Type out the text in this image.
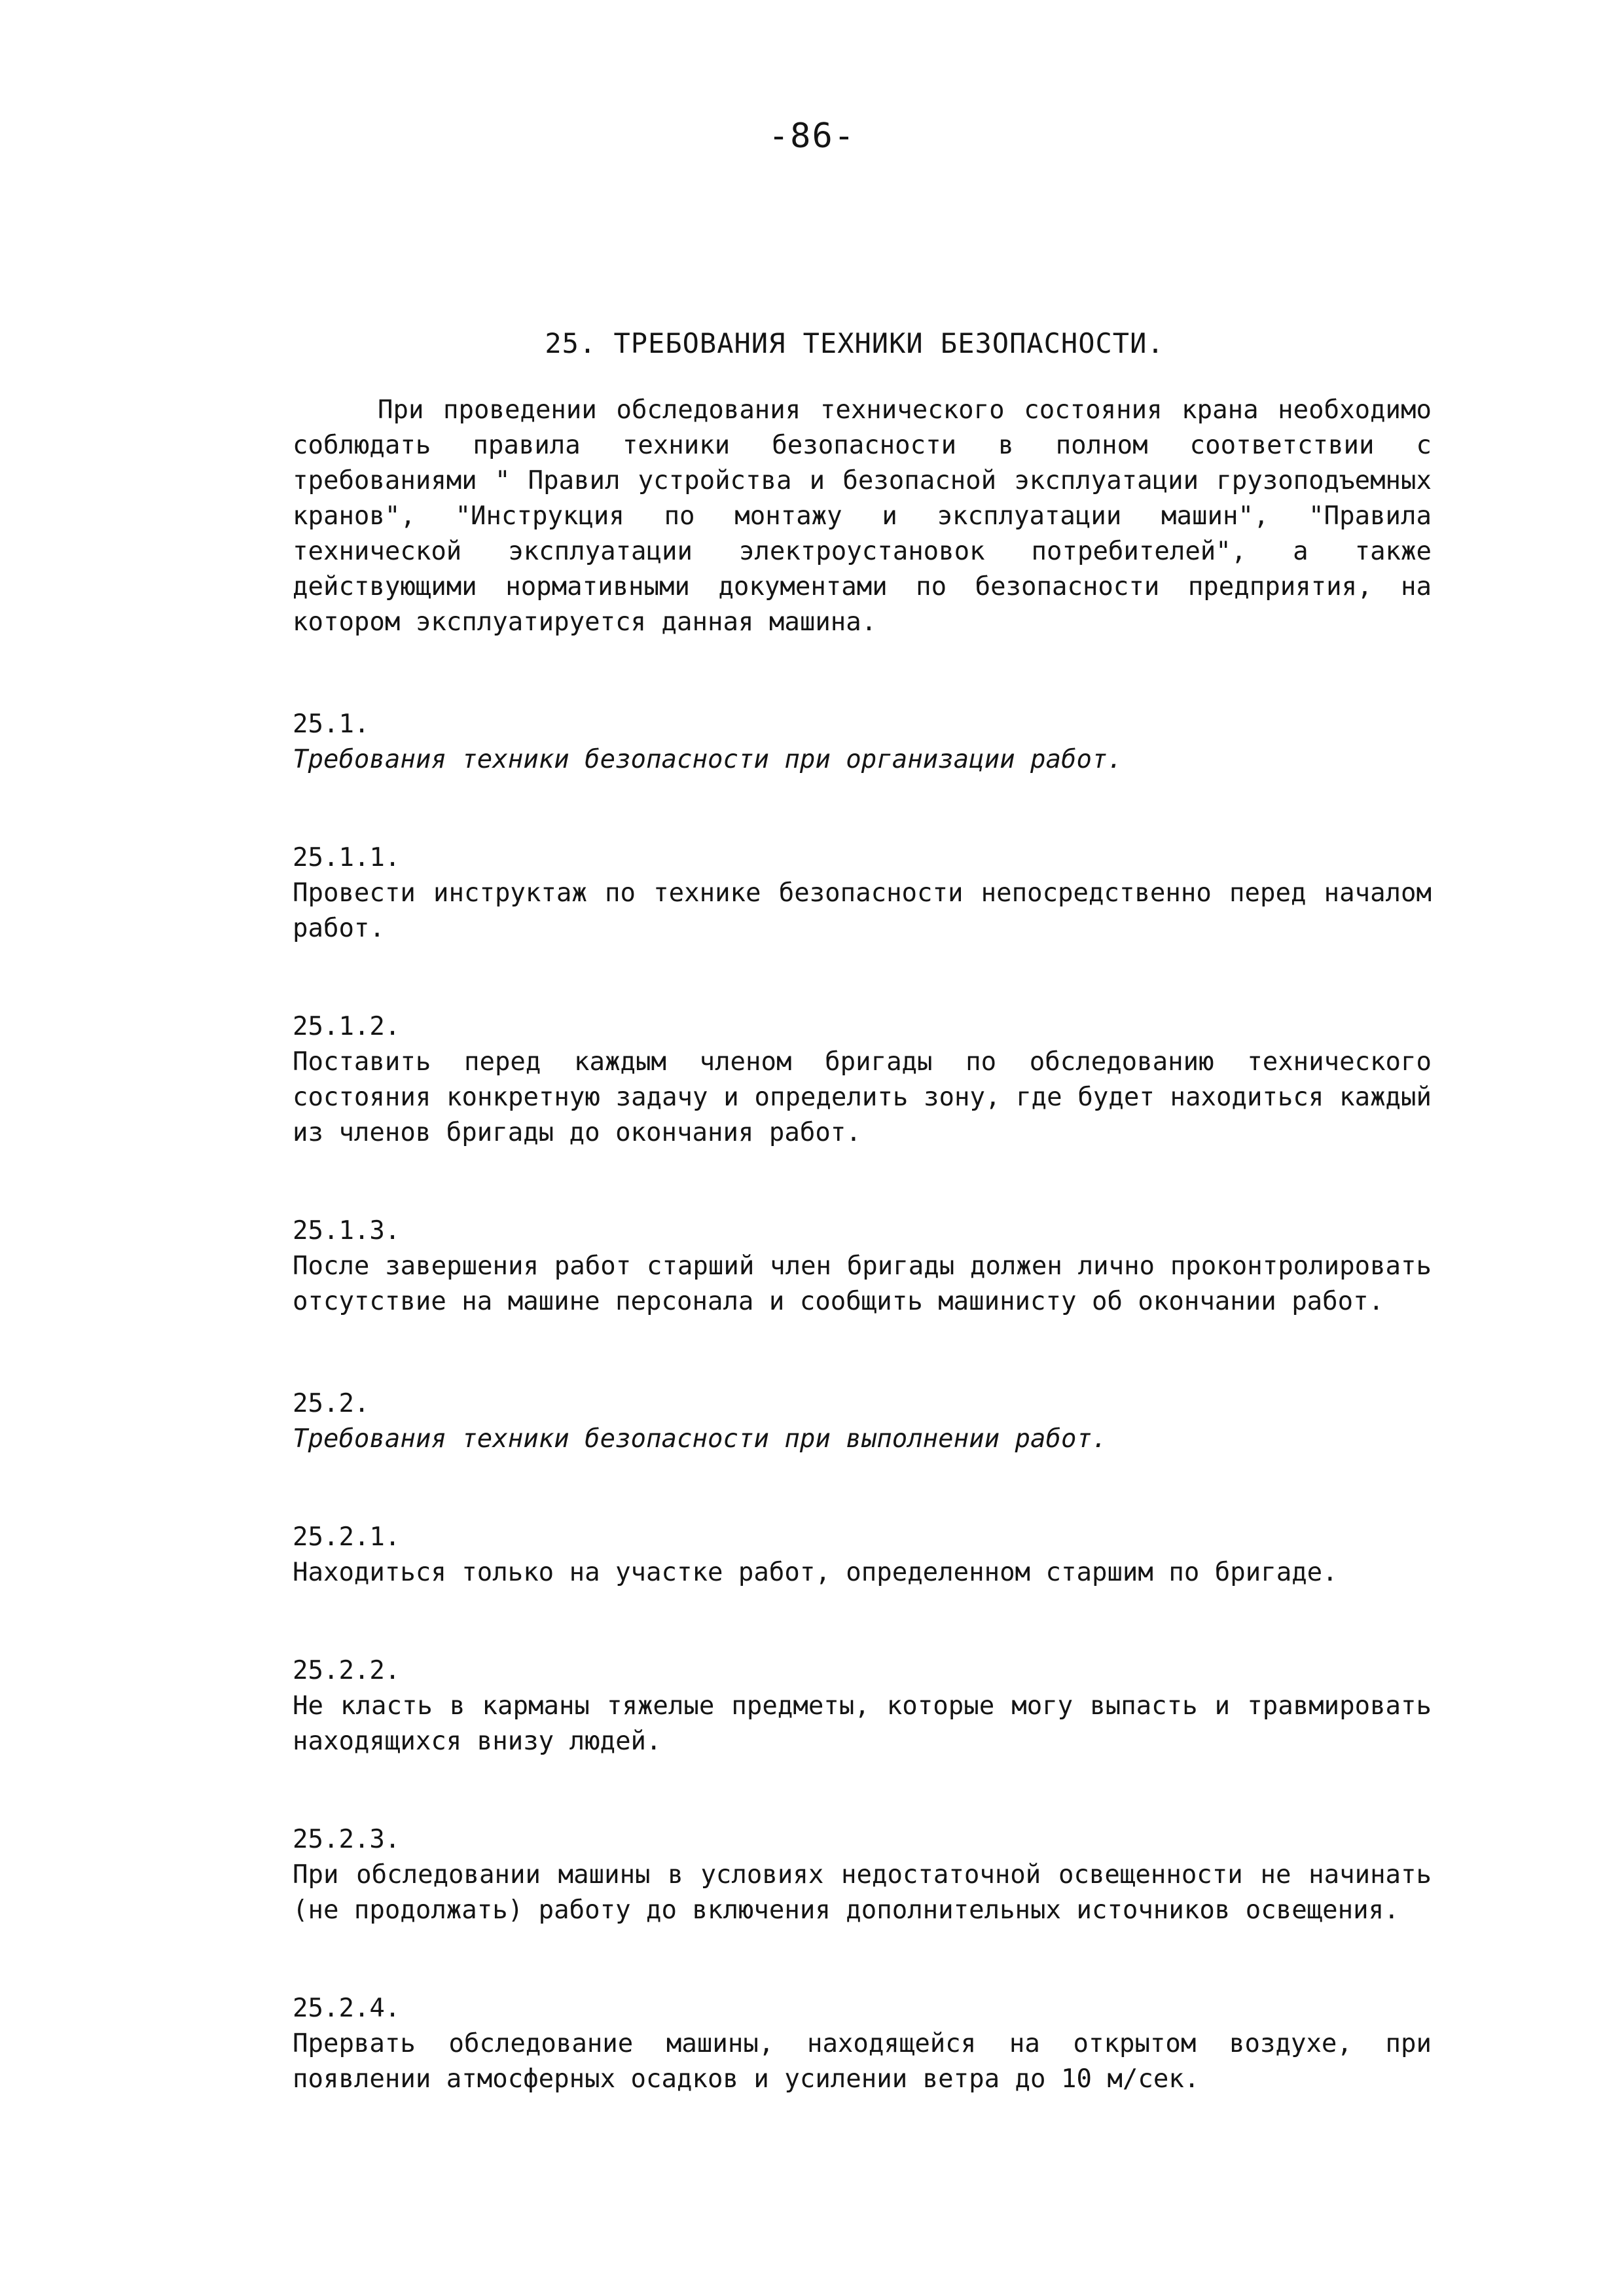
-86-
25. ТРЕБОВАНИЯ ТЕХНИКИ БЕЗОПАСНОСТИ.

При проведении обследования технического состояния крана необходимо соблюдать правила техники безопасности в полном соответствии с требованиями " Правил устройства и безопасной эксплуатации грузоподъемных кранов", "Инструкция по монтажу и эксплуатации машин", "Правила технической эксплуатации электроустановок потребителей", а также действующими нормативными документами по безопасности предприятия, на котором эксплуатируется данная машина.

25.1.
Требования техники безопасности при организации работ.

25.1.1.
Провести инструктаж по технике безопасности непосредственно перед началом работ.

25.1.2.
Поставить перед каждым членом бригады по обследованию технического состояния конкретную задачу и определить зону, где будет находиться каждый из членов бригады до окончания работ.

25.1.3.
После завершения работ старший член бригады должен лично проконтролировать отсутствие на машине персонала и сообщить машинисту об окончании работ.

25.2.
Требования техники безопасности при выполнении работ.

25.2.1.
Находиться только на участке работ, определенном старшим по бригаде.

25.2.2.
Не класть в карманы тяжелые предметы, которые могу выпасть и травмировать находящихся внизу людей.

25.2.3.
При обследовании машины в условиях недостаточной освещенности не начинать (не продолжать) работу до включения дополнительных источников освещения.

25.2.4.
Прервать обследование машины, находящейся на открытом воздухе, при появлении атмосферных осадков и усилении ветра до 10 м/сек.
